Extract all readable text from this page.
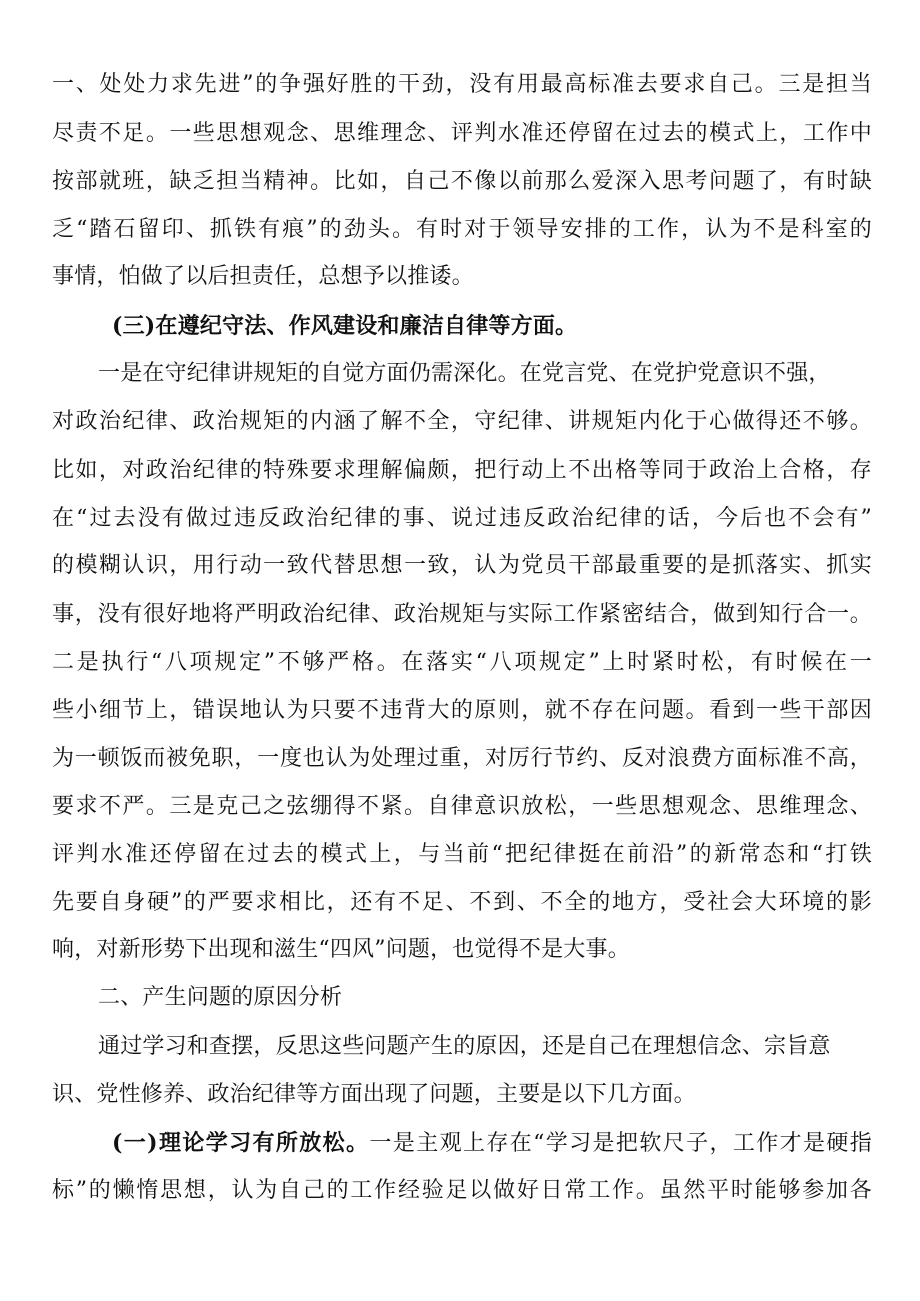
一、处处力求先进”的争强好胜的干劲，没有用最高标准去要求自己。三是担当
尽责不足。一些思想观念、思维理念、评判水准还停留在过去的模式上，工作中
按部就班，缺乏担当精神。比如，自己不像以前那么爱深入思考问题了，有时缺
乏“踏石留印、抓铁有痕”的劲头。有时对于领导安排的工作，认为不是科室的
事情，怕做了以后担责任，总想予以推诿。
(三)在遵纪守法、作风建设和廉洁自律等方面。
一是在守纪律讲规矩的自觉方面仍需深化。在党言党、在党护党意识不强，
对政治纪律、政治规矩的内涵了解不全，守纪律、讲规矩内化于心做得还不够。
比如，对政治纪律的特殊要求理解偏颇，把行动上不出格等同于政治上合格，存
在“过去没有做过违反政治纪律的事、说过违反政治纪律的话，今后也不会有”
的模糊认识，用行动一致代替思想一致，认为党员干部最重要的是抓落实、抓实
事，没有很好地将严明政治纪律、政治规矩与实际工作紧密结合，做到知行合一。
二是执行“八项规定”不够严格。在落实“八项规定”上时紧时松，有时候在一
些小细节上，错误地认为只要不违背大的原则，就不存在问题。看到一些干部因
为一顿饭而被免职，一度也认为处理过重，对厉行节约、反对浪费方面标准不高，
要求不严。三是克己之弦绷得不紧。自律意识放松，一些思想观念、思维理念、
评判水准还停留在过去的模式上，与当前“把纪律挺在前沿”的新常态和“打铁
先要自身硬”的严要求相比，还有不足、不到、不全的地方，受社会大环境的影
响，对新形势下出现和滋生“四风”问题，也觉得不是大事。
二、产生问题的原因分析
通过学习和查摆，反思这些问题产生的原因，还是自己在理想信念、宗旨意
识、党性修养、政治纪律等方面出现了问题，主要是以下几方面。
(一)理论学习有所放松。一是主观上存在“学习是把软尺子，工作才是硬指
标”的懒惰思想，认为自己的工作经验足以做好日常工作。虽然平时能够参加各
